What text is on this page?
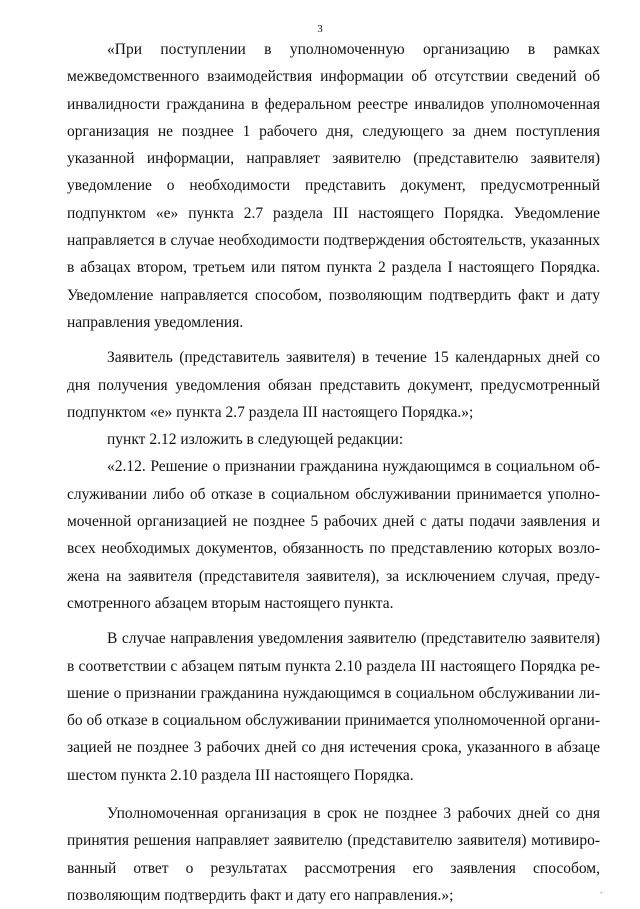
3

«При поступлении в уполномоченную организацию в рамках межведомственного взаимодействия информации об отсутствии сведений об инвалидности гражданина в федеральном реестре инвалидов уполномоченная организация не позднее 1 рабочего дня, следующего за днем поступления указанной информации, направляет заявителю (представителю заявителя) уведомление о необходимости представить документ, предусмотренный подпунктом «е» пункта 2.7 раздела III настоящего Порядка. Уведомление направляется в случае необходимости подтверждения обстоятельств, указанных в абзацах втором, третьем или пятом пункта 2 раздела I настоящего Порядка. Уведомление направляется способом, позволяющим подтвердить факт и дату направления уведомления.

Заявитель (представитель заявителя) в течение 15 календарных дней со дня получения уведомления обязан представить документ, предусмотренный подпунктом «е» пункта 2.7 раздела III настоящего Порядка.»;

пункт 2.12 изложить в следующей редакции:

«2.12. Решение о признании гражданина нуждающимся в социальном обслуживании либо об отказе в социальном обслуживании принимается уполномоченной организацией не позднее 5 рабочих дней с даты подачи заявления и всех необходимых документов, обязанность по представлению которых возложена на заявителя (представителя заявителя), за исключением случая, предусмотренного абзацем вторым настоящего пункта.

В случае направления уведомления заявителю (представителю заявителя) в соответствии с абзацем пятым пункта 2.10 раздела III настоящего Порядка решение о признании гражданина нуждающимся в социальном обслуживании либо об отказе в социальном обслуживании принимается уполномоченной организацией не позднее 3 рабочих дней со дня истечения срока, указанного в абзаце шестом пункта 2.10 раздела III настоящего Порядка.

Уполномоченная организация в срок не позднее 3 рабочих дней со дня принятия решения направляет заявителю (представителю заявителя) мотивированный ответ о результатах рассмотрения его заявления способом, позволяющим подтвердить факт и дату его направления.»;	.
